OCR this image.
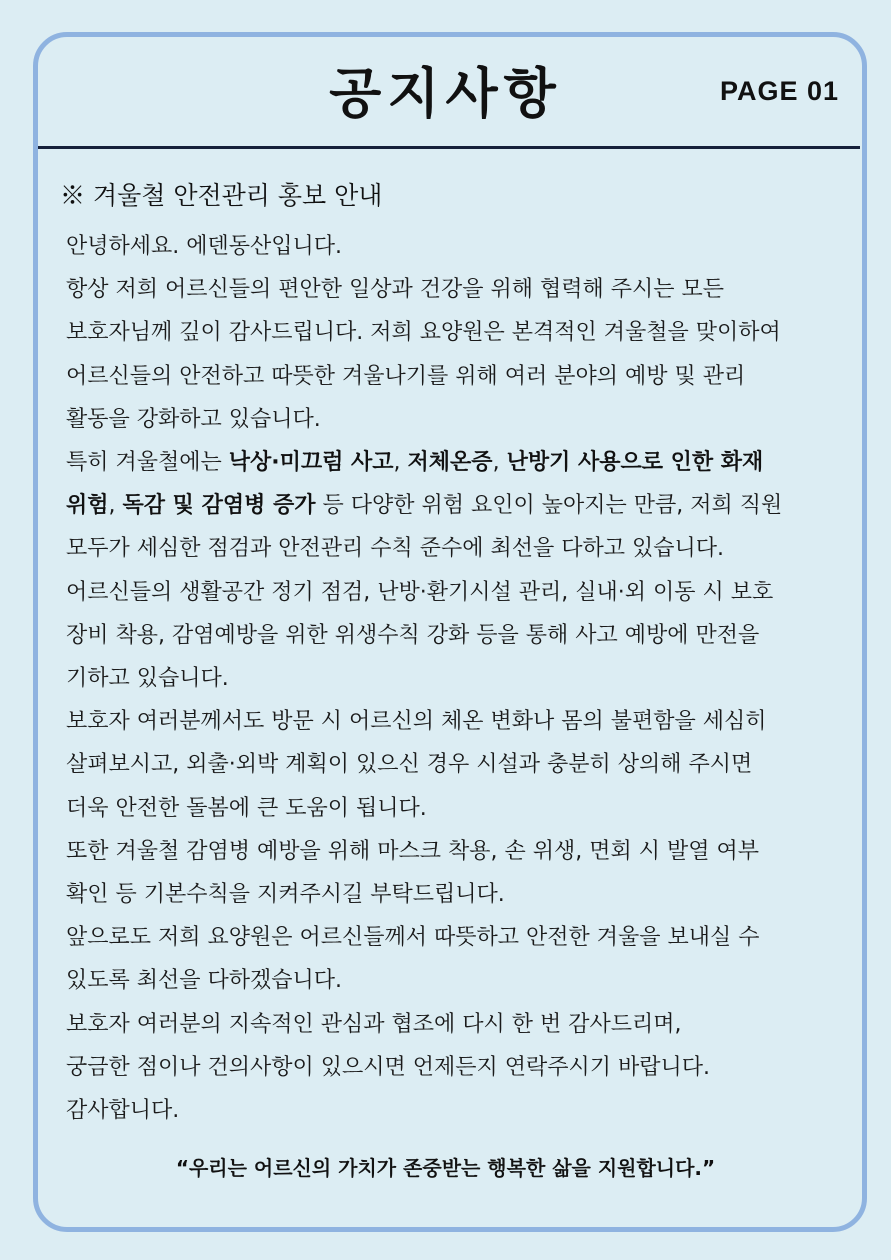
공지사항	PAGE 01
※ 겨울철 안전관리 홍보 안내
안녕하세요. 에덴동산입니다.
항상 저희 어르신들의 편안한 일상과 건강을 위해 협력해 주시는 모든
보호자님께 깊이 감사드립니다. 저희 요양원은 본격적인 겨울철을 맞이하여
어르신들의 안전하고 따뜻한 겨울나기를 위해 여러 분야의 예방 및 관리
활동을 강화하고 있습니다.
특히 겨울철에는 낙상·미끄럼 사고, 저체온증, 난방기 사용으로 인한 화재
위험, 독감 및 감염병 증가 등 다양한 위험 요인이 높아지는 만큼, 저희 직원
모두가 세심한 점검과 안전관리 수칙 준수에 최선을 다하고 있습니다.
어르신들의 생활공간 정기 점검, 난방·환기시설 관리, 실내·외 이동 시 보호
장비 착용, 감염예방을 위한 위생수칙 강화 등을 통해 사고 예방에 만전을
기하고 있습니다.
보호자 여러분께서도 방문 시 어르신의 체온 변화나 몸의 불편함을 세심히
살펴보시고, 외출·외박 계획이 있으신 경우 시설과 충분히 상의해 주시면
더욱 안전한 돌봄에 큰 도움이 됩니다.
또한 겨울철 감염병 예방을 위해 마스크 착용, 손 위생, 면회 시 발열 여부
확인 등 기본수칙을 지켜주시길 부탁드립니다.
앞으로도 저희 요양원은 어르신들께서 따뜻하고 안전한 겨울을 보내실 수
있도록 최선을 다하겠습니다.
보호자 여러분의 지속적인 관심과 협조에 다시 한 번 감사드리며,
궁금한 점이나 건의사항이 있으시면 언제든지 연락주시기 바랍니다.
감사합니다.
“우리는 어르신의 가치가 존중받는 행복한 삶을 지원합니다.”
